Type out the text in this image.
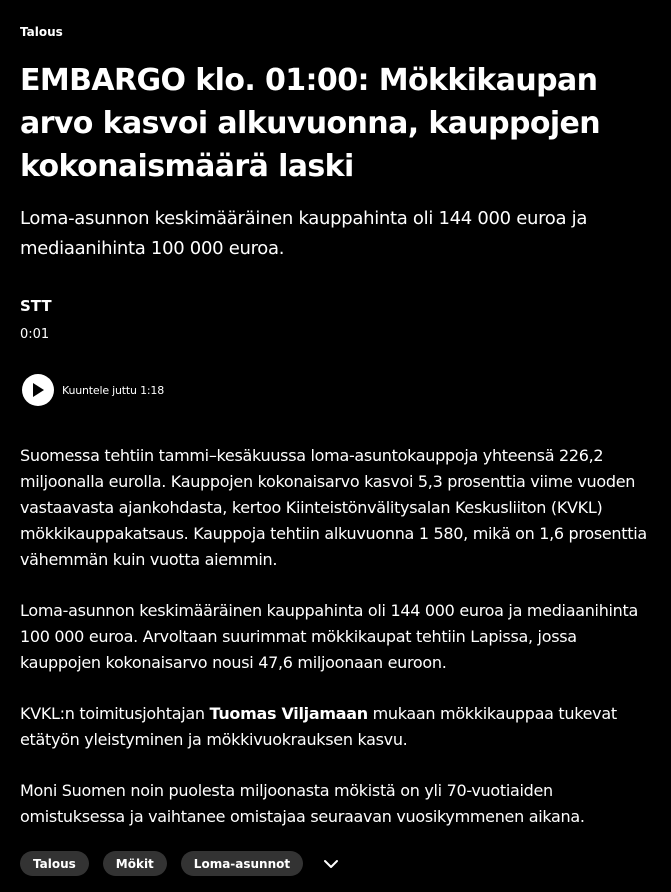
Talous
EMBARGO klo. 01:00: Mökkikaupan arvo kasvoi alkuvuonna, kauppojen kokonaismäärä laski

Loma-asunnon keskimääräinen kauppahinta oli 144 000 euroa ja mediaanihinta 100 000 euroa.

STT
0:01
Kuuntele juttu 1:18

Suomessa tehtiin tammi–kesäkuussa loma-asuntokauppoja yhteensä 226,2 miljoonalla eurolla. Kauppojen kokonaisarvo kasvoi 5,3 prosenttia viime vuoden vastaavasta ajankohdasta, kertoo Kiinteistönvälitysalan Keskusliiton (KVKL) mökkikauppakatsaus. Kauppoja tehtiin alkuvuonna 1 580, mikä on 1,6 prosenttia vähemmän kuin vuotta aiemmin.

Loma-asunnon keskimääräinen kauppahinta oli 144 000 euroa ja mediaanihinta 100 000 euroa. Arvoltaan suurimmat mökkikaupat tehtiin Lapissa, jossa kauppojen kokonaisarvo nousi 47,6 miljoonaan euroon.

KVKL:n toimitusjohtajan Tuomas Viljamaan mukaan mökkikauppaa tukevat etätyön yleistyminen ja mökkivuokrauksen kasvu.

Moni Suomen noin puolesta miljoonasta mökistä on yli 70-vuotiaiden omistuksessa ja vaihtanee omistajaa seuraavan vuosikymmenen aikana.

Talous	Mökit	Loma-asunnot
